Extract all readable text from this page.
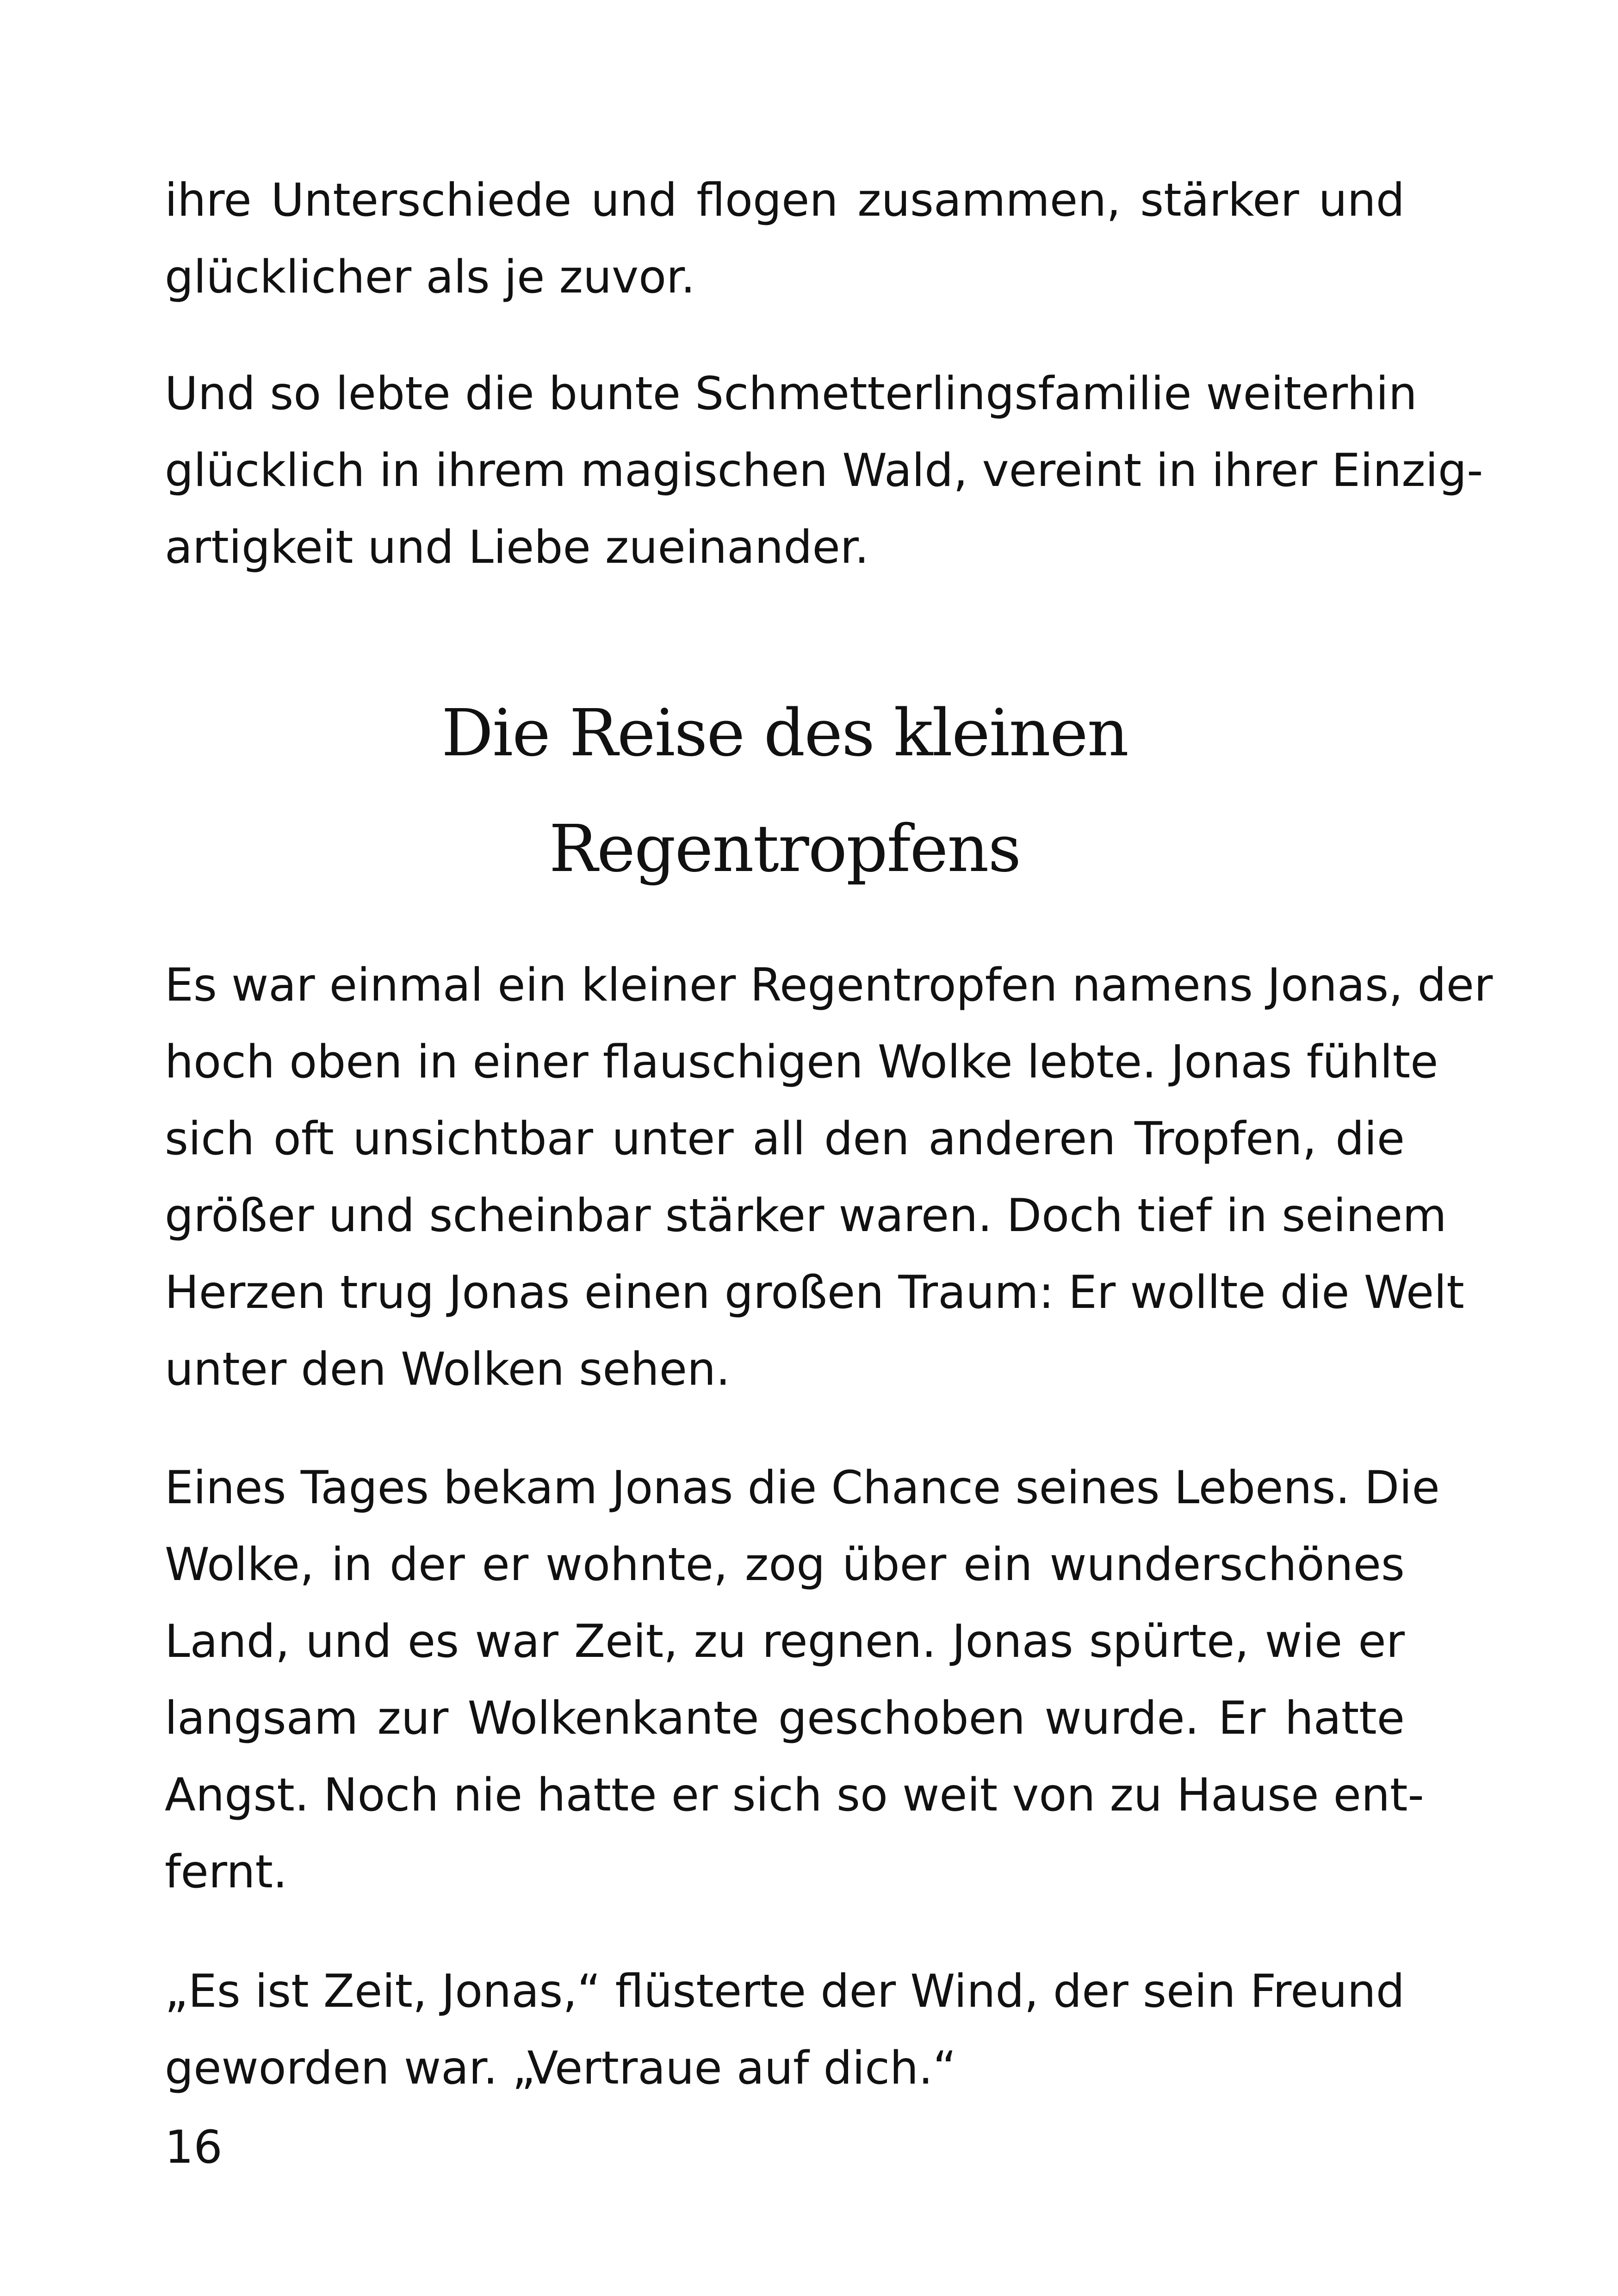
ihre Unterschiede und flogen zusammen, stärker und
glücklicher als je zuvor.

Und so lebte die bunte Schmetterlingsfamilie weiterhin
glücklich in ihrem magischen Wald, vereint in ihrer Einzig-
artigkeit und Liebe zueinander.

Die Reise des kleinen
Regentropfens

Es war einmal ein kleiner Regentropfen namens Jonas, der
hoch oben in einer flauschigen Wolke lebte. Jonas fühlte
sich oft unsichtbar unter all den anderen Tropfen, die
größer und scheinbar stärker waren. Doch tief in seinem
Herzen trug Jonas einen großen Traum: Er wollte die Welt
unter den Wolken sehen.

Eines Tages bekam Jonas die Chance seines Lebens. Die
Wolke, in der er wohnte, zog über ein wunderschönes
Land, und es war Zeit, zu regnen. Jonas spürte, wie er
langsam zur Wolkenkante geschoben wurde. Er hatte
Angst. Noch nie hatte er sich so weit von zu Hause ent-
fernt.

„Es ist Zeit, Jonas,“ flüsterte der Wind, der sein Freund
geworden war. „Vertraue auf dich.“

16
